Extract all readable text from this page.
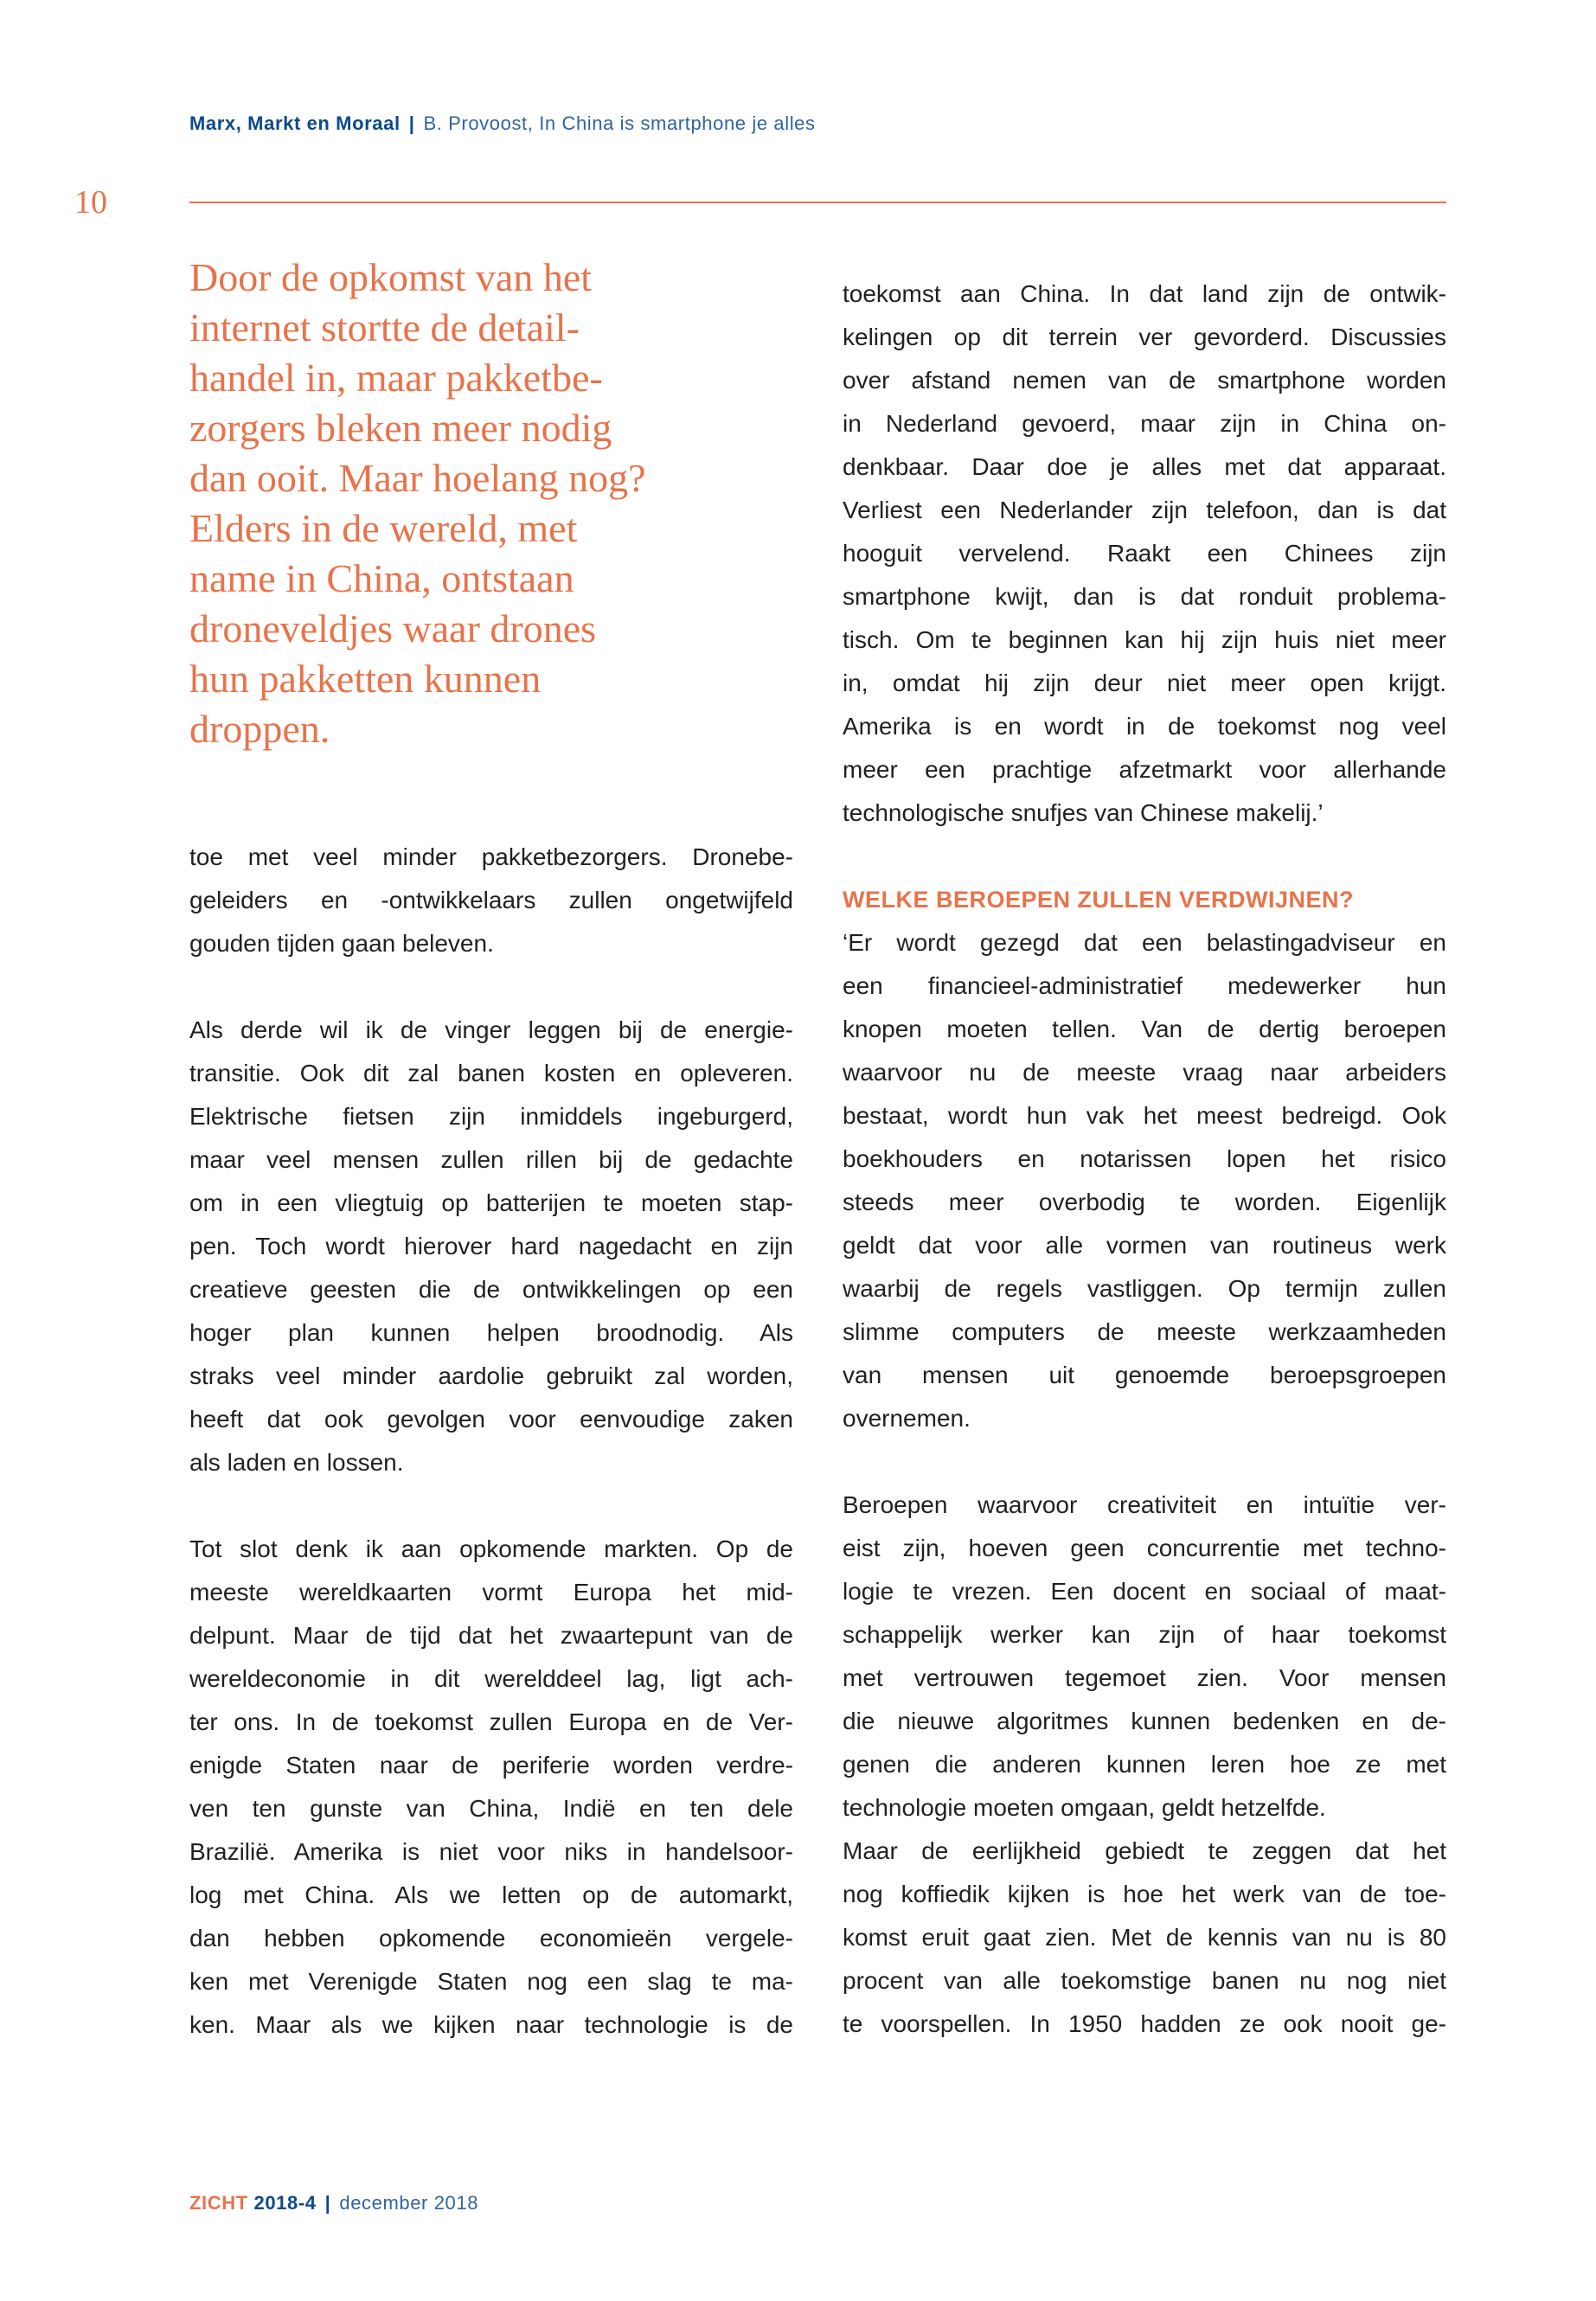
Marx, Markt en Moraal | B. Provoost, In China is smartphone je alles
10
Door de opkomst van het
internet stortte de detail-
handel in, maar pakketbe-
zorgers bleken meer nodig
dan ooit. Maar hoelang nog?
Elders in de wereld, met
name in China, ontstaan
droneveldjes waar drones
hun pakketten kunnen
droppen.
toe met veel minder pakketbezorgers. Dronebe-
geleiders en -ontwikkelaars zullen ongetwijfeld
gouden tijden gaan beleven.
Als derde wil ik de vinger leggen bij de energie-
transitie. Ook dit zal banen kosten en opleveren.
Elektrische fietsen zijn inmiddels ingeburgerd,
maar veel mensen zullen rillen bij de gedachte
om in een vliegtuig op batterijen te moeten stap-
pen. Toch wordt hierover hard nagedacht en zijn
creatieve geesten die de ontwikkelingen op een
hoger plan kunnen helpen broodnodig. Als
straks veel minder aardolie gebruikt zal worden,
heeft dat ook gevolgen voor eenvoudige zaken
als laden en lossen.
Tot slot denk ik aan opkomende markten. Op de
meeste wereldkaarten vormt Europa het mid-
delpunt. Maar de tijd dat het zwaartepunt van de
wereldeconomie in dit werelddeel lag, ligt ach-
ter ons. In de toekomst zullen Europa en de Ver-
enigde Staten naar de periferie worden verdre-
ven ten gunste van China, Indië en ten dele
Brazilië. Amerika is niet voor niks in handelsoor-
log met China. Als we letten op de automarkt,
dan hebben opkomende economieën vergele-
ken met Verenigde Staten nog een slag te ma-
ken. Maar als we kijken naar technologie is de
toekomst aan China. In dat land zijn de ontwik-
kelingen op dit terrein ver gevorderd. Discussies
over afstand nemen van de smartphone worden
in Nederland gevoerd, maar zijn in China on-
denkbaar. Daar doe je alles met dat apparaat.
Verliest een Nederlander zijn telefoon, dan is dat
hooguit vervelend. Raakt een Chinees zijn
smartphone kwijt, dan is dat ronduit problema-
tisch. Om te beginnen kan hij zijn huis niet meer
in, omdat hij zijn deur niet meer open krijgt.
Amerika is en wordt in de toekomst nog veel
meer een prachtige afzetmarkt voor allerhande
technologische snufjes van Chinese makelij.’
WELKE BEROEPEN ZULLEN VERDWIJNEN?
‘Er wordt gezegd dat een belastingadviseur en
een financieel-administratief medewerker hun
knopen moeten tellen. Van de dertig beroepen
waarvoor nu de meeste vraag naar arbeiders
bestaat, wordt hun vak het meest bedreigd. Ook
boekhouders en notarissen lopen het risico
steeds meer overbodig te worden. Eigenlijk
geldt dat voor alle vormen van routineus werk
waarbij de regels vastliggen. Op termijn zullen
slimme computers de meeste werkzaamheden
van mensen uit genoemde beroepsgroepen
overnemen.
Beroepen waarvoor creativiteit en intuïtie ver-
eist zijn, hoeven geen concurrentie met techno-
logie te vrezen. Een docent en sociaal of maat-
schappelijk werker kan zijn of haar toekomst
met vertrouwen tegemoet zien. Voor mensen
die nieuwe algoritmes kunnen bedenken en de-
genen die anderen kunnen leren hoe ze met
technologie moeten omgaan, geldt hetzelfde.
Maar de eerlijkheid gebiedt te zeggen dat het
nog koffiedik kijken is hoe het werk van de toe-
komst eruit gaat zien. Met de kennis van nu is 80
procent van alle toekomstige banen nu nog niet
te voorspellen. In 1950 hadden ze ook nooit ge-
ZICHT 2018-4 | december 2018
